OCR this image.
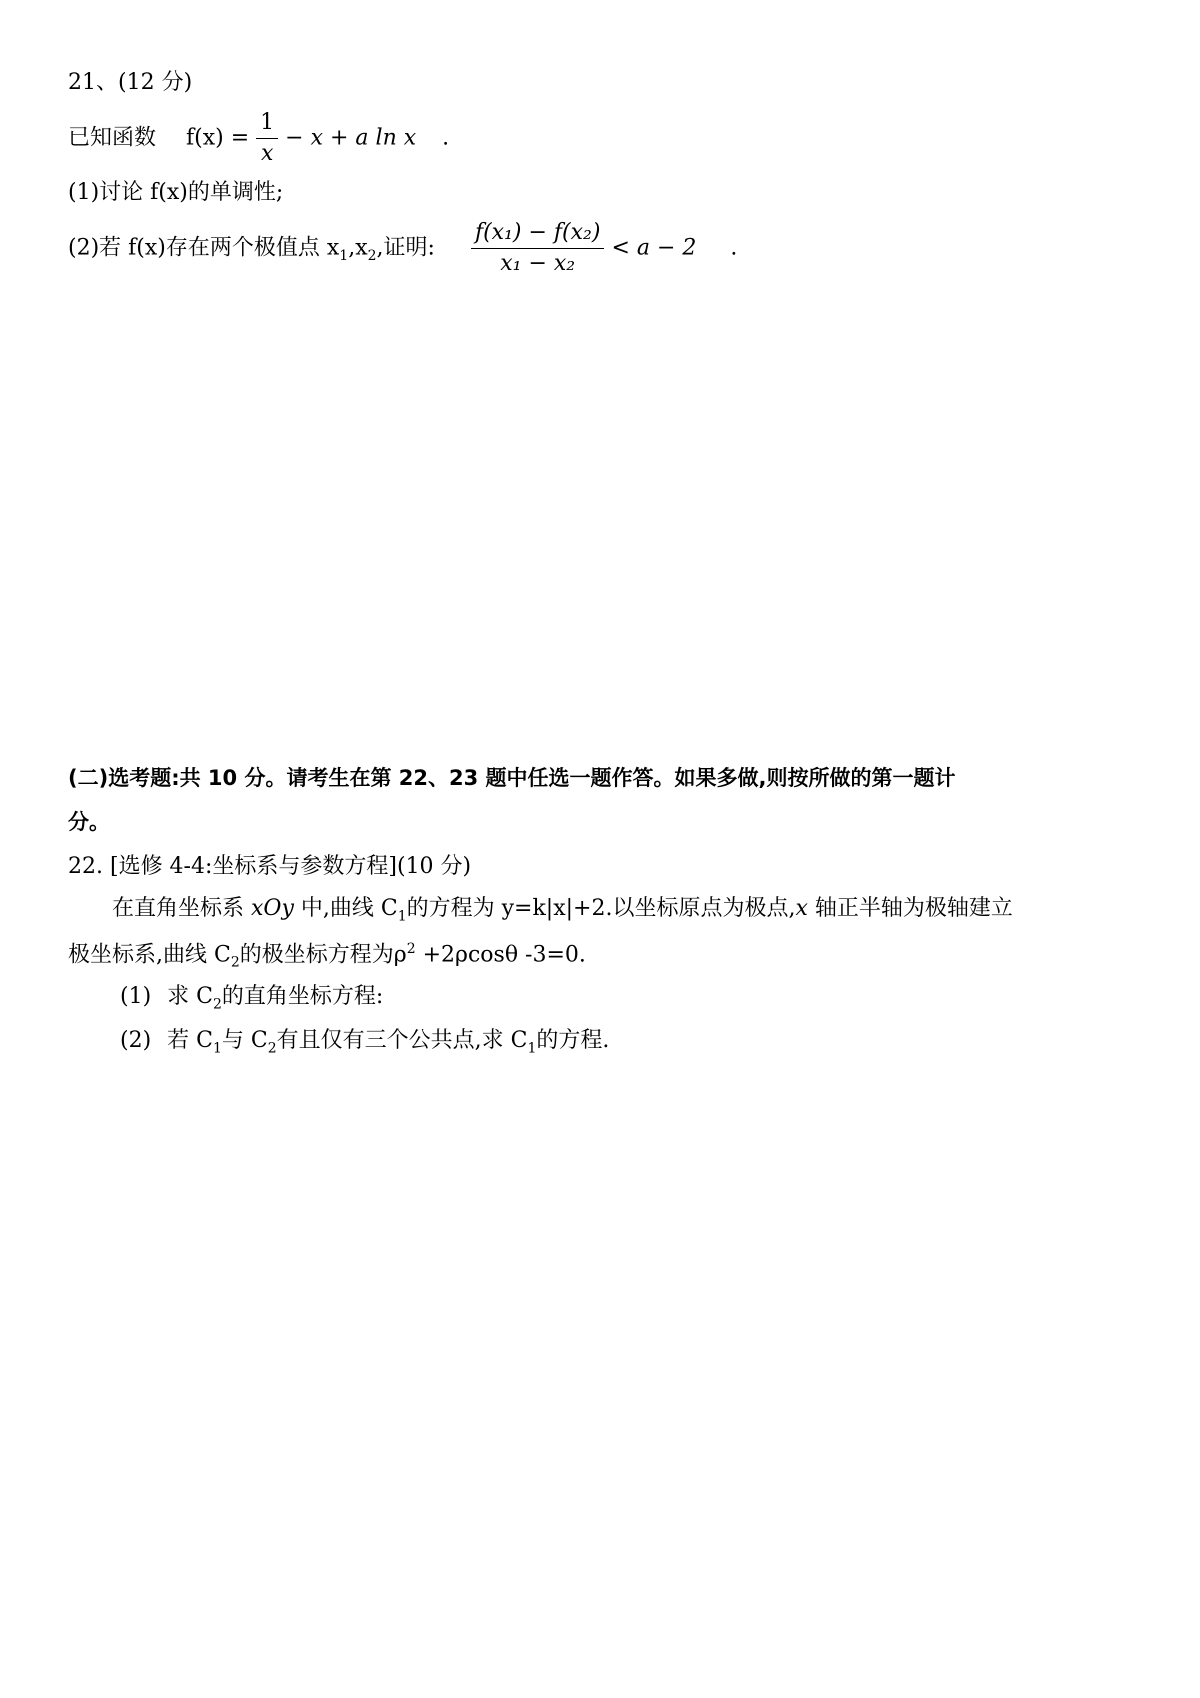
21、(12 分)
已知函数 $f(x) = \frac{1}{x} - x + a$ ln x .
(1)讨论 f(x)的单调性;
(2)若 f(x)存在两个极值点 $x_1,x_2$,证明: $\frac{\text{f(x₁) − f(x₂)}}{\text{x₁ − x₂}} < a - 2$ .
(二)选考题:共 10 分。请考生在第 22、23 题中任选一题作答。如果多做,则按所做的第一题计
分。
22. [选修 4-4:坐标系与参数方程](10 分)
在直角坐标系 xOy 中,曲线 $C_1$的方程为 y=k|x|+2.以坐标原点为极点,x 轴正半轴为极轴建立
极坐标系,曲线 $C_2$的极坐标方程为$\rho^2 +2\rho\cos\theta$ -3=0.
(1) 求 $C_2$的直角坐标方程:
(2) 若 $C_1$与 $C_2$有且仅有三个公共点,求 $C_1$的方程.
